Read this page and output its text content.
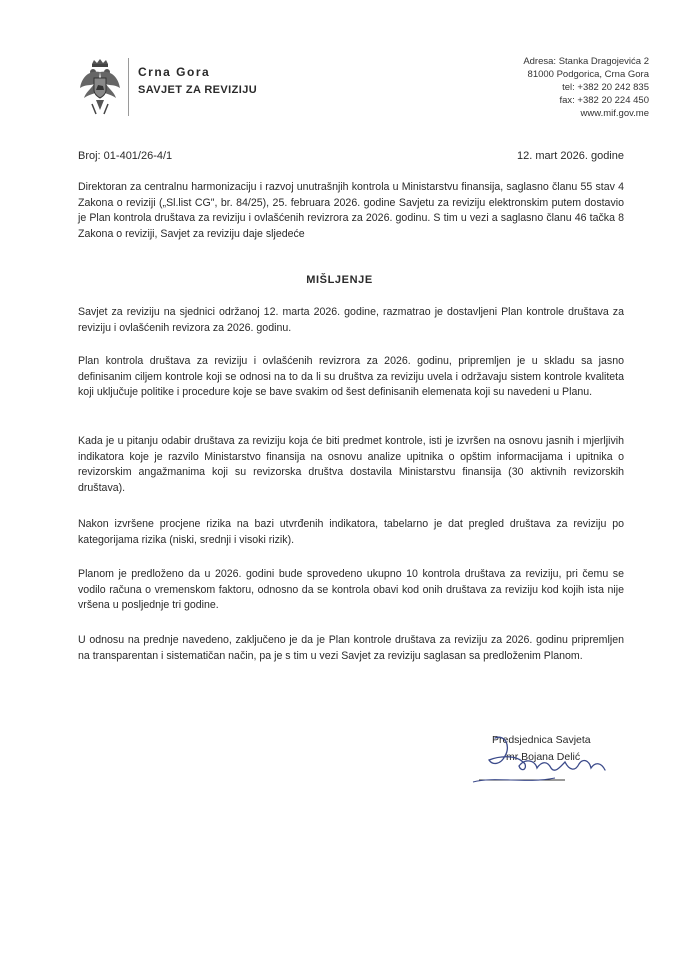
Crna Gora
SAVJET ZA REVIZIJU
Adresa: Stanka Dragojevića 2
81000 Podgorica, Crna Gora
tel: +382 20 242 835
fax: +382 20 224 450
www.mif.gov.me
Broj: 01-401/26-4/1	12. mart 2026. godine

Direktoran za centralnu harmonizaciju i razvoj unutrašnjih kontrola u Ministarstvu finansija, saglasno članu 55 stav 4 Zakona o reviziji („Sl.list CG", br. 84/25), 25. februara 2026. godine Savjetu za reviziju elektronskim putem dostavio je Plan kontrola društava za reviziju i ovlašćenih revizrora za 2026. godinu. S tim u vezi a saglasno članu 46 tačka 8 Zakona o reviziji, Savjet za reviziju daje sljedeće

MIŠLJENJE

Savjet za reviziju na sjednici održanoj 12. marta 2026. godine, razmatrao je dostavljeni Plan kontrole društava za reviziju i ovlašćenih revizora za 2026. godinu.

Plan kontrola društava za reviziju i ovlašćenih revizrora za 2026. godinu, pripremljen je u skladu sa jasno definisanim ciljem kontrole koji se odnosi na to da li su društva za reviziju uvela i održavaju sistem kontrole kvaliteta koji uključuje politike i procedure koje se bave svakim od šest definisanih elemenata koji su navedeni u Planu.

Kada je u pitanju odabir društava za reviziju koja će biti predmet kontrole, isti je izvršen na osnovu jasnih i mjerljivih indikatora koje je razvilo Ministarstvo finansija na osnovu analize upitnika o opštim informacijama i upitnika o revizorskim angažmanima koji su revizorska društva dostavila Ministarstvu finansija (30 aktivnih revizorskih društava).

Nakon izvršene procjene rizika na bazi utvrđenih indikatora, tabelarno je dat pregled društava za reviziju po kategorijama rizika (niski, srednji i visoki rizik).

Planom je predloženo da u 2026. godini bude sprovedeno ukupno 10 kontrola društava za reviziju, pri čemu se vodilo računa o vremenskom faktoru, odnosno da se kontrola obavi kod onih društava za reviziju kod kojih ista nije vršena u posljednje tri godine.

U odnosu na prednje navedeno, zaključeno je da je Plan kontrole društava za reviziju za 2026. godinu pripremljen na transparentan i sistematičan način, pa je s tim u vezi Savjet za reviziju saglasan sa predloženim Planom.

Predsjednica Savjeta
mr Bojana Delić
